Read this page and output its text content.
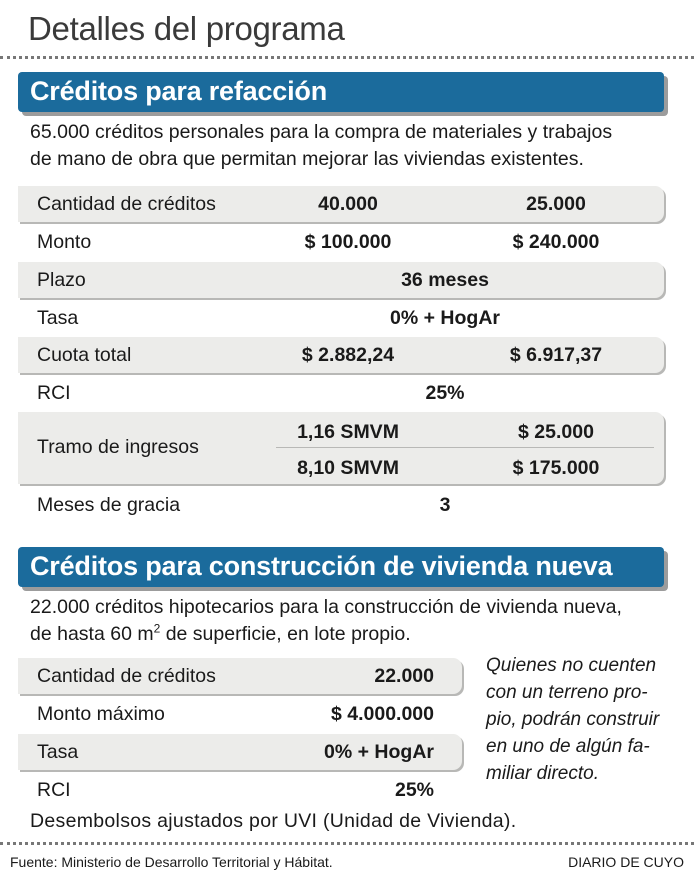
Detalles del programa
Créditos para refacción
65.000 créditos personales para la compra de materiales y trabajos
de mano de obra que permitan mejorar las viviendas existentes.
Cantidad de créditos	40.000	25.000
Monto	$ 100.000	$ 240.000
Plazo	36 meses
Tasa	0% + HogAr
Cuota total	$ 2.882,24	$ 6.917,37
RCI	25%
Tramo de ingresos
1,16 SMVM	$ 25.000
8,10 SMVM	$ 175.000
Meses de gracia	3
Créditos para construcción de vivienda nueva
22.000 créditos hipotecarios para la construcción de vivienda nueva,
de hasta 60 $m^2$ de superficie, en lote propio.
Cantidad de créditos	22.000
Monto máximo	$ 4.000.000
Tasa	0% + HogAr
RCI	25%
Quienes no cuenten
con un terreno pro-
pio, podrán construir
en uno de algún fa-
miliar directo.
Desembolsos ajustados por UVI (Unidad de Vivienda).
Fuente: Ministerio de Desarrollo Territorial y Hábitat.	DIARIO DE CUYO
